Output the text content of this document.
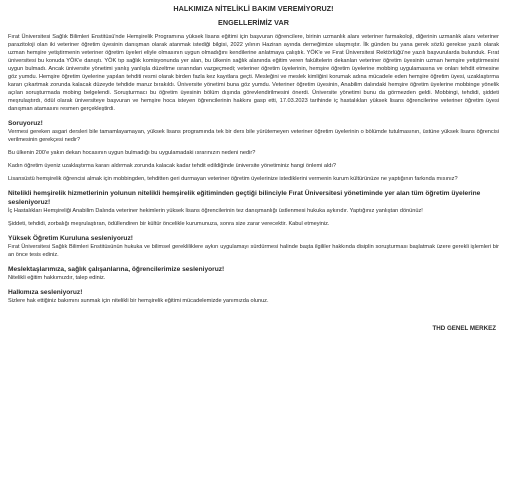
HALKIMIZA NİTELİKLİ BAKIM VEREMİYORUZ!
ENGELLERİMİZ VAR

Fırat Üniversitesi Sağlık Bilimleri Enstitüsü'nde Hemşirelik Programına yüksek lisans eğitimi için başvuran öğrencilere, birinin uzmanlık alanı veteriner farmakoloji, diğerinin uzmanlık alanı veteriner parazitoloji olan iki veteriner öğretim üyesinin danışman olarak atanmak istediği bilgisi, 2022 yılının Haziran ayında derneğimize ulaşmıştır. İlk günden bu yana gerek sözlü gerekse yazılı olarak uzman hemşire yetiştirmenin veteriner öğretim üyeleri eliyle olmasının uygun olmadığını kendilerine anlatmaya çalıştık. YÖK'e ve Fırat Üniversitesi Rektörlüğü'ne yazılı başvurularda bulunduk. Fırat üniversitesi bu konuda YÖK'e danıştı. YÖK tıp sağlık komisyonunda yer alan, bu ülkenin sağlık alanında eğitim veren fakültelerin dekanları veteriner öğretim üyesinin uzman hemşire yetiştirmesini uygun bulmadı. Ancak üniversite yönetimi yanlış yanlışla düzeltme ısrarından vazgeçmedi; veteriner öğretim üyelerinin, hemşire öğretim üyelerine mobbing uygulamasına ve onları tehdit etmesine göz yumdu. Hemşire öğretim üyelerine yapılan tehditi resmi olarak birden fazla kez kayıtlara geçti. Mesleğini ve meslek kimliğini korumak adına mücadele eden hemşire öğretim üyesi, uzaklaştırma kararı çıkartmak zorunda kalacak düzeyde tehdide maruz bırakıldı. Üniversite yönetimi buna göz yumdu. Veteriner öğretim üyesinin, Anabilim dalındaki hemşire öğretim üyelerine mobbinge yönelik açılan soruşturmada mobing belgelendi. Soruşturmacı bu öğretim üyesinin bölüm dışında görevlendirilmesini önerdi. Üniversite yönetimi bunu da görmezden geldi. Mobbingi, tehdidi, şiddeti meşrulaştırdı, ödül olarak üniversiteye başvuran ve hemşire hoca isteyen öğrencilerinin hakkını gasp etti, 17.03.2023 tarihinde iç hastalıkları yüksek lisans öğrencilerine veteriner öğretim üyesi danışman atamasını resmen gerçekleştirdi.

Soruyoruz!

Vermesi gereken asgari dersleri bile tamamlayamayan, yüksek lisans programında tek bir ders bile yürütemeyen veteriner öğretim üyelerinin o bölümde tutulmasının, üstüne yüksek lisans öğrencisi verilmesinin gerekçesi nedir?

Bu ülkenin 200'e yakın dekan hocasının uygun bulmadığı bu uygulamadaki ısrarınızın nedeni nedir?

Kadın öğretim üyeniz uzaklaştırma kararı aldırmak zorunda kalacak kadar tehdit edildiğinde üniversite yönetiminiz hangi önlemi aldı?

Lisansüstü hemşirelik öğrencisi almak için mobbingden, tehditten geri durmayan veteriner öğretim üyelerinize istediklerini vermenin kurum kültürünüze ne yaptığının farkında mısınız?

Nitelikli hemşirelik hizmetlerinin yolunun nitelikli hemşirelik eğitiminden geçtiği bilinciyle Fırat Üniversitesi yönetiminde yer alan tüm öğretim üyelerine sesleniyoruz!

İç Hastalıkları Hemşireliği Anabilim Dalında veteriner hekimlerin yüksek lisans öğrencilerinin tez danışmanlığı üstlenmesi hukuka aykırıdır. Yaptığınız yanlıştan dönünüz!

Şiddeti, tehdidi, zorbalığı meşrulaştıran, ödüllendiren bir kültür öncelikle kurumunuza, sonra size zarar verecektir. Kabul etmeyiniz.

Yüksek Öğretim Kuruluna sesleniyoruz!

Fırat Üniversitesi Sağlık Bilimleri Enstitüsünün hukuka ve bilimsel gerekliliklere aykırı uygulamayı sürdürmesi halinde başta ilgililer hakkında disiplin soruşturması başlatmak üzere gerekli işlemleri bir an önce tesis ediniz.

Meslektaşlarımıza, sağlık çalışanlarına, öğrencilerimize sesleniyoruz!

Nitelikli eğitim hakkımızdır, talep ediniz.

Halkımıza sesleniyoruz!

Sizlere hak ettiğiniz bakımını sunmak için nitelikli bir hemşirelik eğitimi mücadelemizde yanımızda olunuz.

THD GENEL MERKEZ
